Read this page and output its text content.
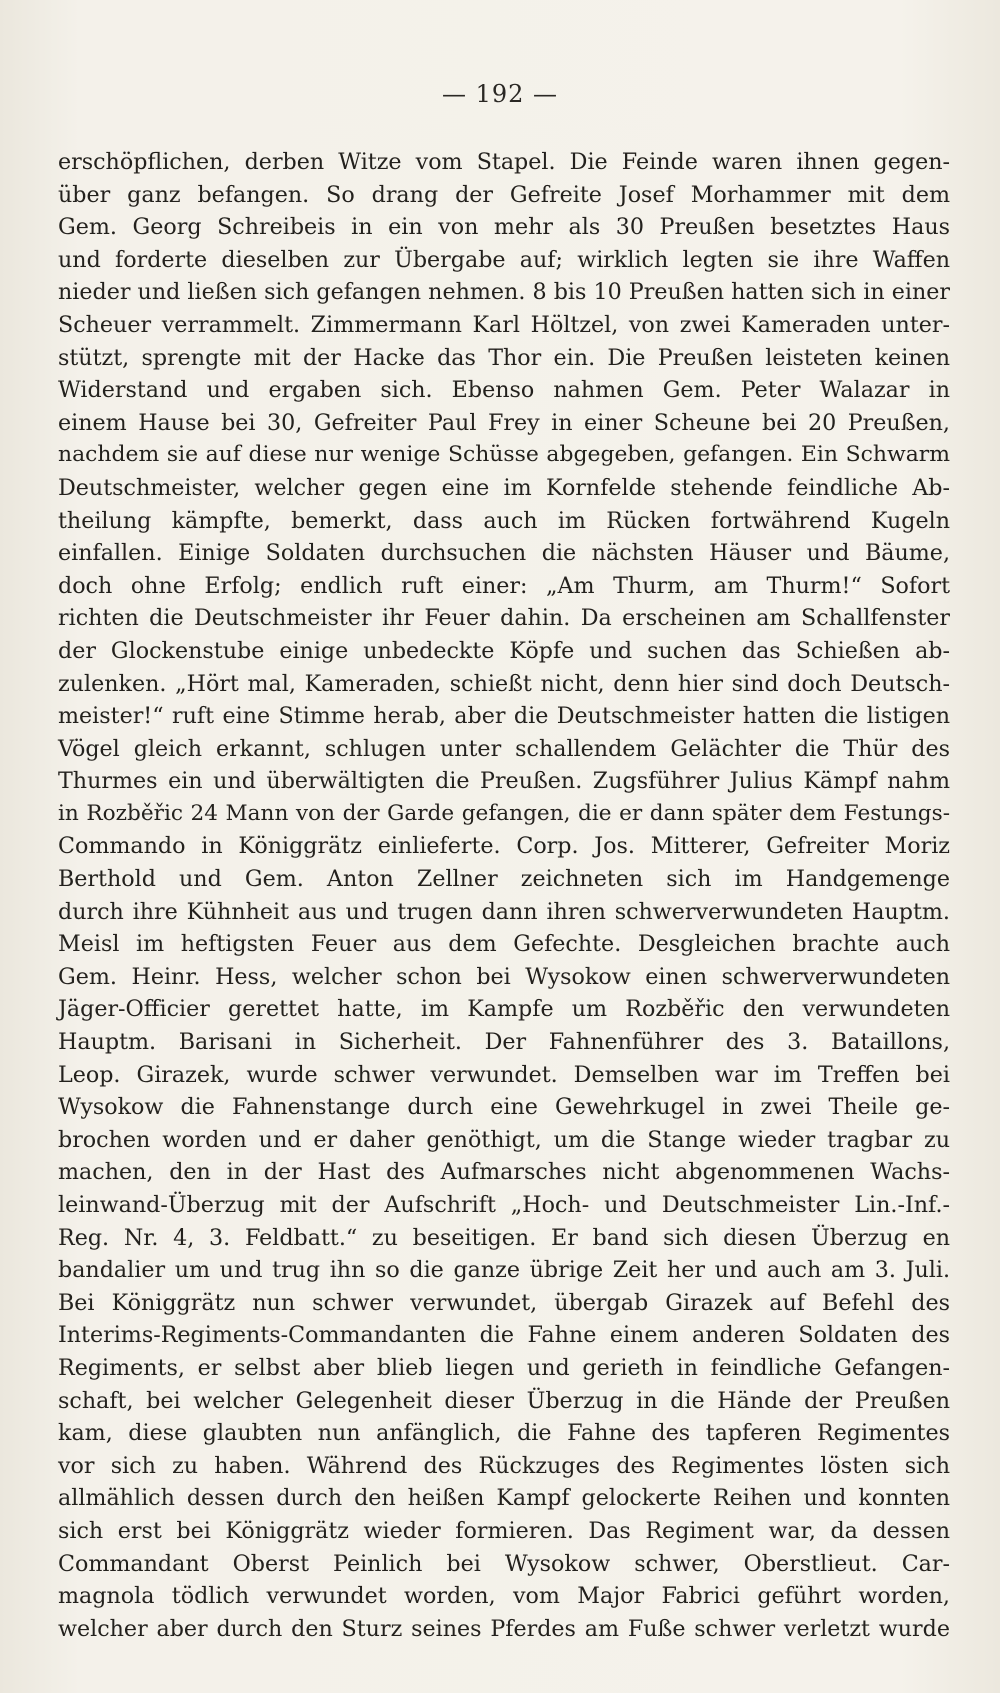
— 192 —
erschöpflichen, derben Witze vom Stapel. Die Feinde waren ihnen gegen-
über ganz befangen. So drang der Gefreite Josef Morhammer mit dem
Gem. Georg Schreibeis in ein von mehr als 30 Preußen besetztes Haus
und forderte dieselben zur Übergabe auf; wirklich legten sie ihre Waffen
nieder und ließen sich gefangen nehmen. 8 bis 10 Preußen hatten sich in einer
Scheuer verrammelt. Zimmermann Karl Höltzel, von zwei Kameraden unter-
stützt, sprengte mit der Hacke das Thor ein. Die Preußen leisteten keinen
Widerstand und ergaben sich. Ebenso nahmen Gem. Peter Walazar in
einem Hause bei 30, Gefreiter Paul Frey in einer Scheune bei 20 Preußen,
nachdem sie auf diese nur wenige Schüsse abgegeben, gefangen. Ein Schwarm
Deutschmeister, welcher gegen eine im Kornfelde stehende feindliche Ab-
theilung kämpfte, bemerkt, dass auch im Rücken fortwährend Kugeln
einfallen. Einige Soldaten durchsuchen die nächsten Häuser und Bäume,
doch ohne Erfolg; endlich ruft einer: „Am Thurm, am Thurm!“ Sofort
richten die Deutschmeister ihr Feuer dahin. Da erscheinen am Schallfenster
der Glockenstube einige unbedeckte Köpfe und suchen das Schießen ab-
zulenken. „Hört mal, Kameraden, schießt nicht, denn hier sind doch Deutsch-
meister!“ ruft eine Stimme herab, aber die Deutschmeister hatten die listigen
Vögel gleich erkannt, schlugen unter schallendem Gelächter die Thür des
Thurmes ein und überwältigten die Preußen. Zugsführer Julius Kämpf nahm
in Rozběřic 24 Mann von der Garde gefangen, die er dann später dem Festungs-
Commando in Königgrätz einlieferte. Corp. Jos. Mitterer, Gefreiter Moriz
Berthold und Gem. Anton Zellner zeichneten sich im Handgemenge
durch ihre Kühnheit aus und trugen dann ihren schwerverwundeten Hauptm.
Meisl im heftigsten Feuer aus dem Gefechte. Desgleichen brachte auch
Gem. Heinr. Hess, welcher schon bei Wysokow einen schwerverwundeten
Jäger-Officier gerettet hatte, im Kampfe um Rozběřic den verwundeten
Hauptm. Barisani in Sicherheit. Der Fahnenführer des 3. Bataillons,
Leop. Girazek, wurde schwer verwundet. Demselben war im Treffen bei
Wysokow die Fahnenstange durch eine Gewehrkugel in zwei Theile ge-
brochen worden und er daher genöthigt, um die Stange wieder tragbar zu
machen, den in der Hast des Aufmarsches nicht abgenommenen Wachs-
leinwand-Überzug mit der Aufschrift „Hoch- und Deutschmeister Lin.-Inf.-
Reg. Nr. 4, 3. Feldbatt.“ zu beseitigen. Er band sich diesen Überzug en
bandalier um und trug ihn so die ganze übrige Zeit her und auch am 3. Juli.
Bei Königgrätz nun schwer verwundet, übergab Girazek auf Befehl des
Interims-Regiments-Commandanten die Fahne einem anderen Soldaten des
Regiments, er selbst aber blieb liegen und gerieth in feindliche Gefangen-
schaft, bei welcher Gelegenheit dieser Überzug in die Hände der Preußen
kam, diese glaubten nun anfänglich, die Fahne des tapferen Regimentes
vor sich zu haben. Während des Rückzuges des Regimentes lösten sich
allmählich dessen durch den heißen Kampf gelockerte Reihen und konnten
sich erst bei Königgrätz wieder formieren. Das Regiment war, da dessen
Commandant Oberst Peinlich bei Wysokow schwer, Oberstlieut. Car-
magnola tödlich verwundet worden, vom Major Fabrici geführt worden,
welcher aber durch den Sturz seines Pferdes am Fuße schwer verletzt wurde
